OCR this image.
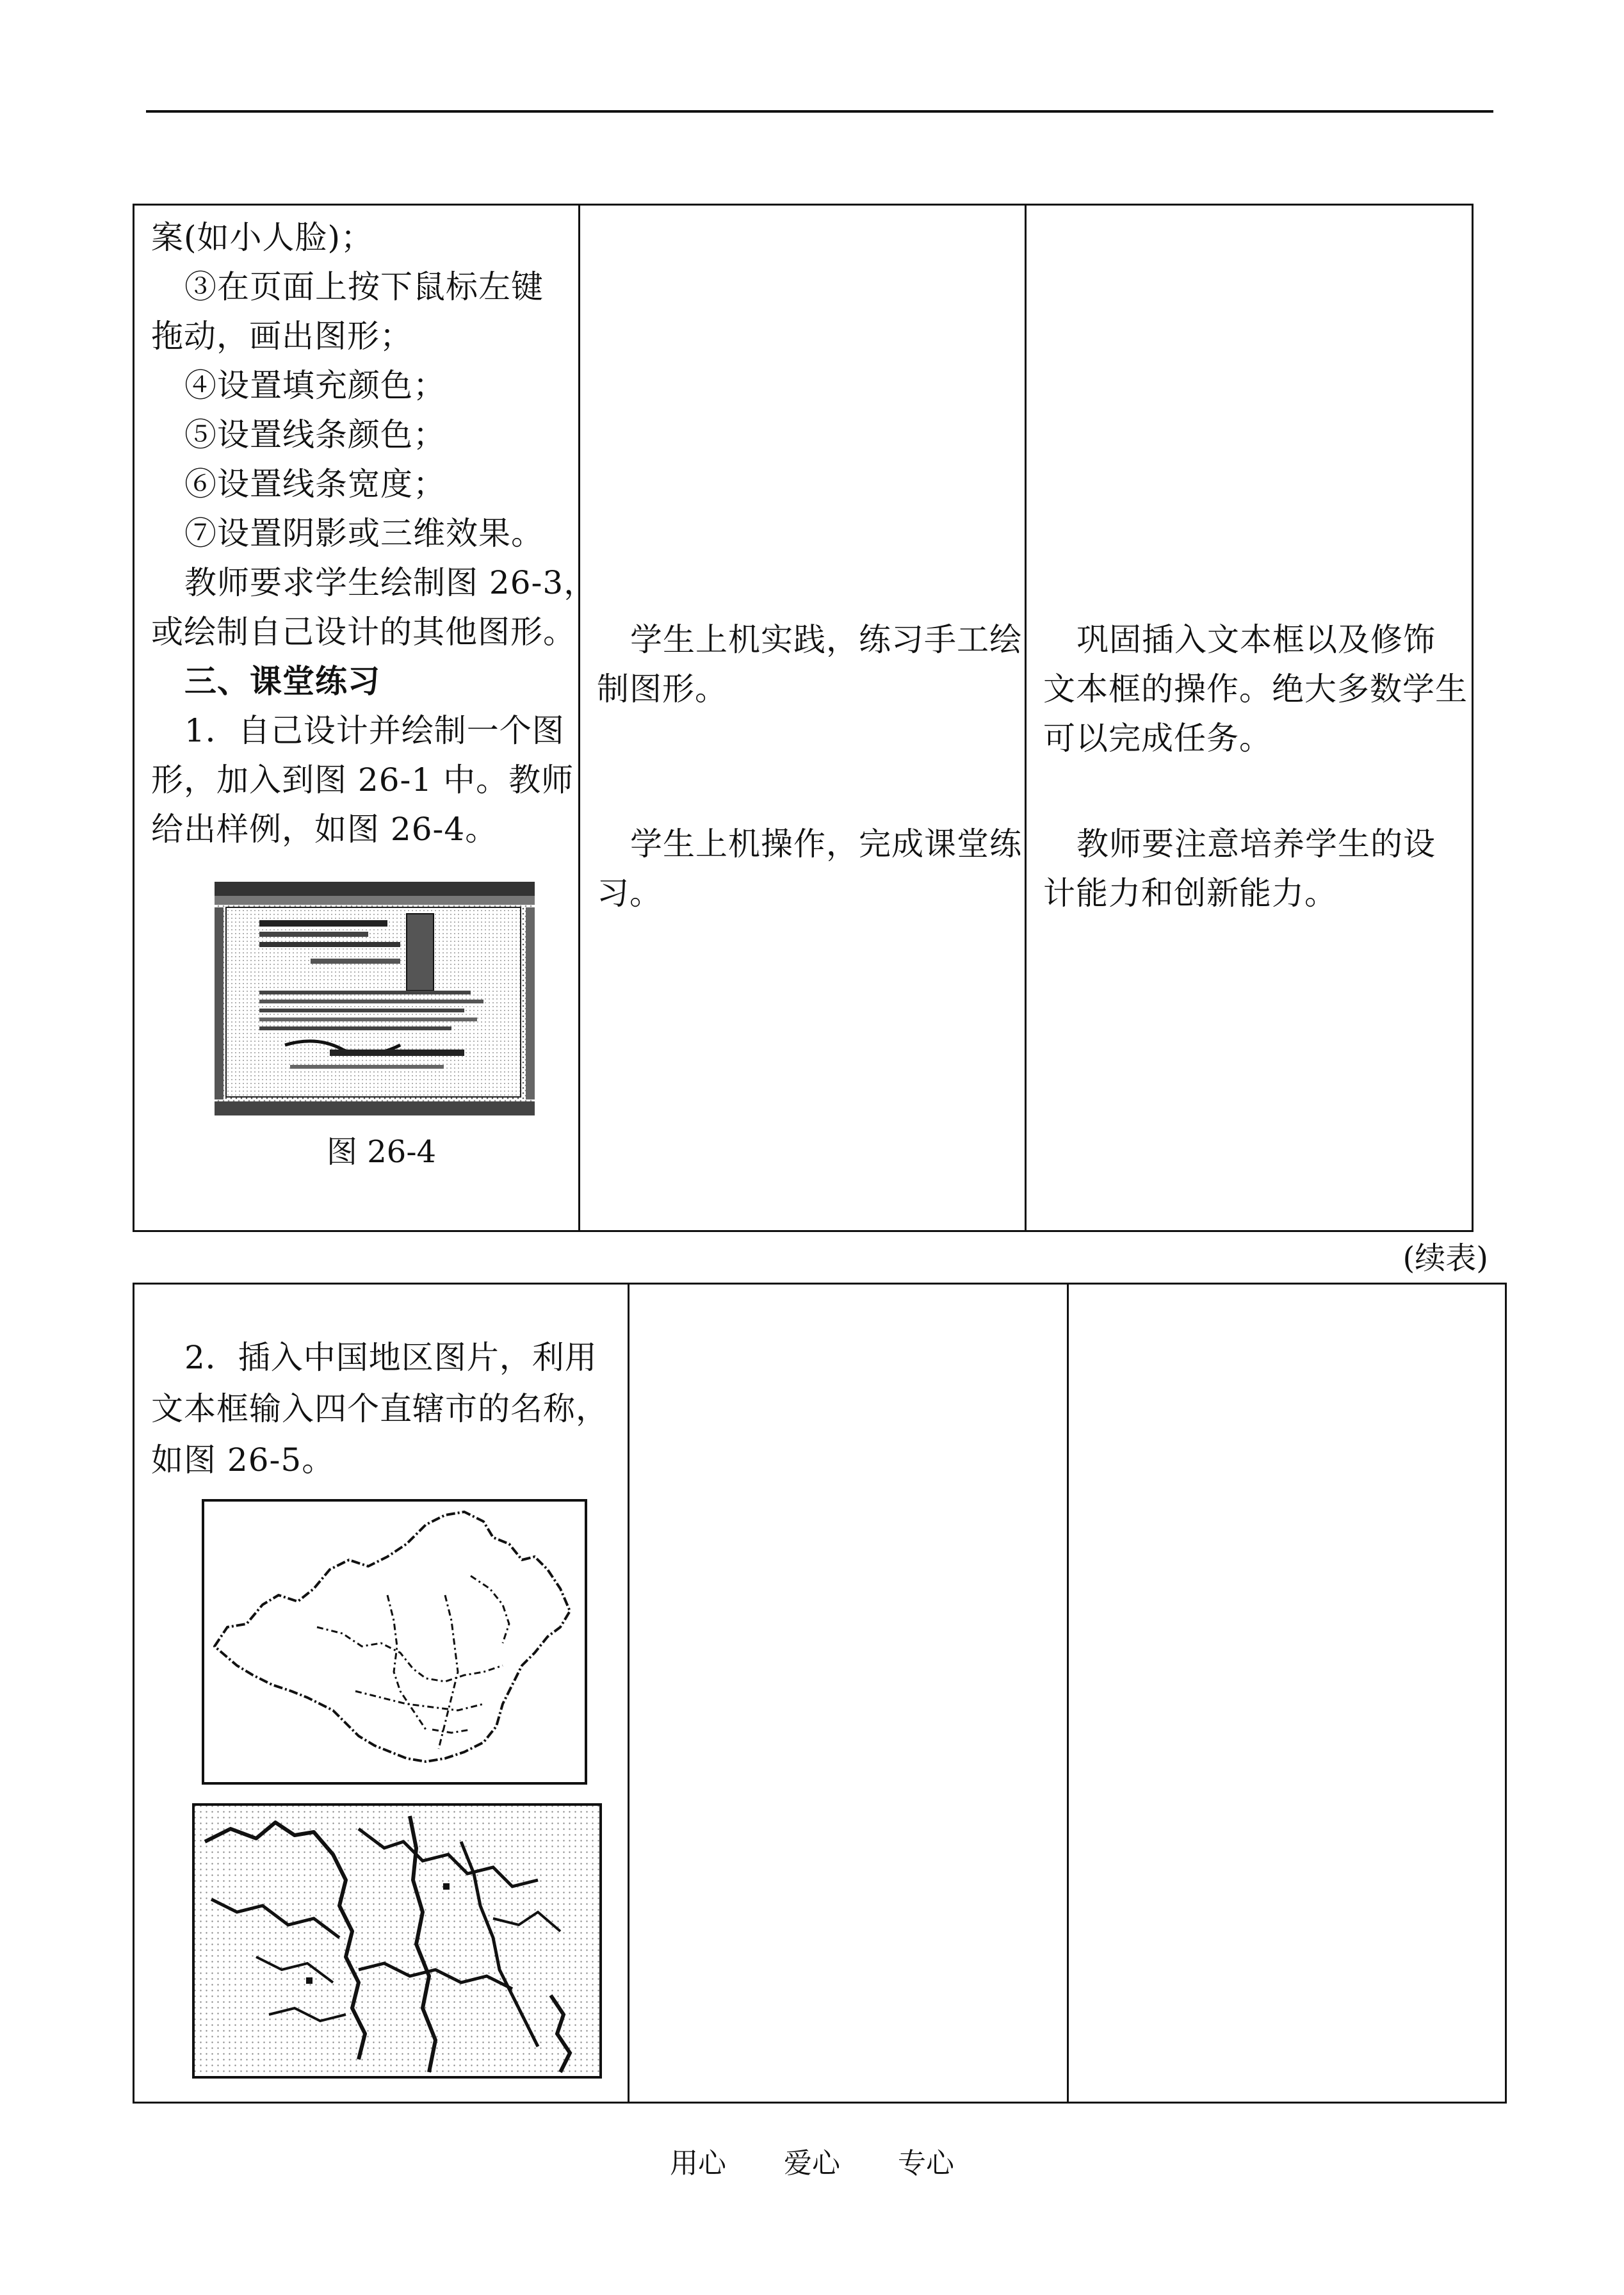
案(如小人脸)；
③在页面上按下鼠标左键
拖动，画出图形；
④设置填充颜色；
⑤设置线条颜色；
⑥设置线条宽度；
⑦设置阴影或三维效果。
教师要求学生绘制图 26-3，
或绘制自己设计的其他图形。
三、课堂练习
1．自己设计并绘制一个图
形，加入到图 26-1 中。教师
给出样例，如图 26-4。
图 26-4
学生上机实践，练习手工绘
制图形。
学生上机操作，完成课堂练
习。
巩固插入文本框以及修饰
文本框的操作。绝大多数学生
可以完成任务。
教师要注意培养学生的设
计能力和创新能力。
(续表)
2．插入中国地区图片，利用
文本框输入四个直辖市的名称，
如图 26-5。
用心 爱心 专心
